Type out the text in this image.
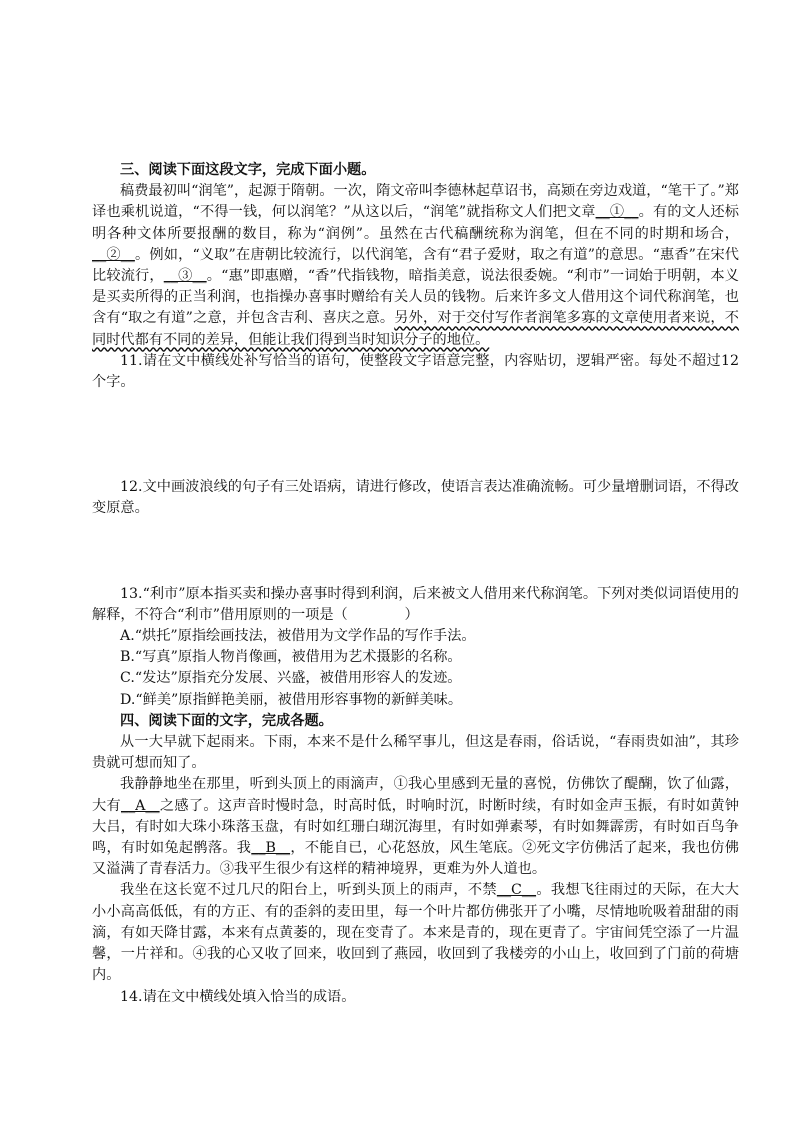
三、阅读下面这段文字，完成下面小题。

稿费最初叫“润笔”，起源于隋朝。一次，隋文帝叫李德林起草诏书，高颎在旁边戏道，“笔干了。”郑译也乘机说道，“不得一钱，何以润笔？”从这以后，“润笔”就指称文人们把文章__①__。有的文人还标明各种文体所要报酬的数目，称为“润例”。虽然在古代稿酬统称为润笔，但在不同的时期和场合，__②__。例如，“义取”在唐朝比较流行，以代润笔，含有“君子爱财，取之有道”的意思。“惠香”在宋代比较流行，__③__。“惠”即惠赠，“香”代指钱物，暗指美意，说法很委婉。“利市”一词始于明朝，本义是买卖所得的正当利润，也指操办喜事时赠给有关人员的钱物。后来许多文人借用这个词代称润笔，也含有“取之有道”之意，并包含吉利、喜庆之意。另外，对于交付写作者润笔多寡的文章使用者来说，不同时代都有不同的差异，但能让我们得到当时知识分子的地位。

11.请在文中横线处补写恰当的语句，使整段文字语意完整，内容贴切，逻辑严密。每处不超过12个字。

12.文中画波浪线的句子有三处语病，请进行修改，使语言表达准确流畅。可少量增删词语，不得改变原意。

13.“利市”原本指买卖和操办喜事时得到利润，后来被文人借用来代称润笔。下列对类似词语使用的解释，不符合“利市”借用原则的一项是（　　　　）

A.“烘托”原指绘画技法，被借用为文学作品的写作手法。

B.“写真”原指人物肖像画，被借用为艺术摄影的名称。

C.“发达”原指充分发展、兴盛，被借用形容人的发迹。

D.“鲜美”原指鲜艳美丽，被借用形容事物的新鲜美味。

四、阅读下面的文字，完成各题。

从一大早就下起雨来。下雨，本来不是什么稀罕事儿，但这是春雨，俗话说，“春雨贵如油”，其珍贵就可想而知了。

我静静地坐在那里，听到头顶上的雨滴声，①我心里感到无量的喜悦，仿佛饮了醍醐，饮了仙露，大有__A__之感了。这声音时慢时急，时高时低，时响时沉，时断时续，有时如金声玉振，有时如黄钟大吕，有时如大珠小珠落玉盘，有时如红珊白瑚沉海里，有时如弹素琴，有时如舞霹雳，有时如百鸟争鸣，有时如兔起鹘落。我__B__，不能自已，心花怒放，风生笔底。②死文字仿佛活了起来，我也仿佛又溢满了青春活力。③我平生很少有这样的精神境界，更难为外人道也。

我坐在这长宽不过几尺的阳台上，听到头顶上的雨声，不禁__C__。我想飞往雨过的天际，在大大小小高高低低，有的方正、有的歪斜的麦田里，每一个叶片都仿佛张开了小嘴，尽情地吮吸着甜甜的雨滴，有如天降甘露，本来有点黄萎的，现在变青了。本来是青的，现在更青了。宇宙间凭空添了一片温馨，一片祥和。④我的心又收了回来，收回到了燕园，收回到了我楼旁的小山上，收回到了门前的荷塘内。

14.请在文中横线处填入恰当的成语。
